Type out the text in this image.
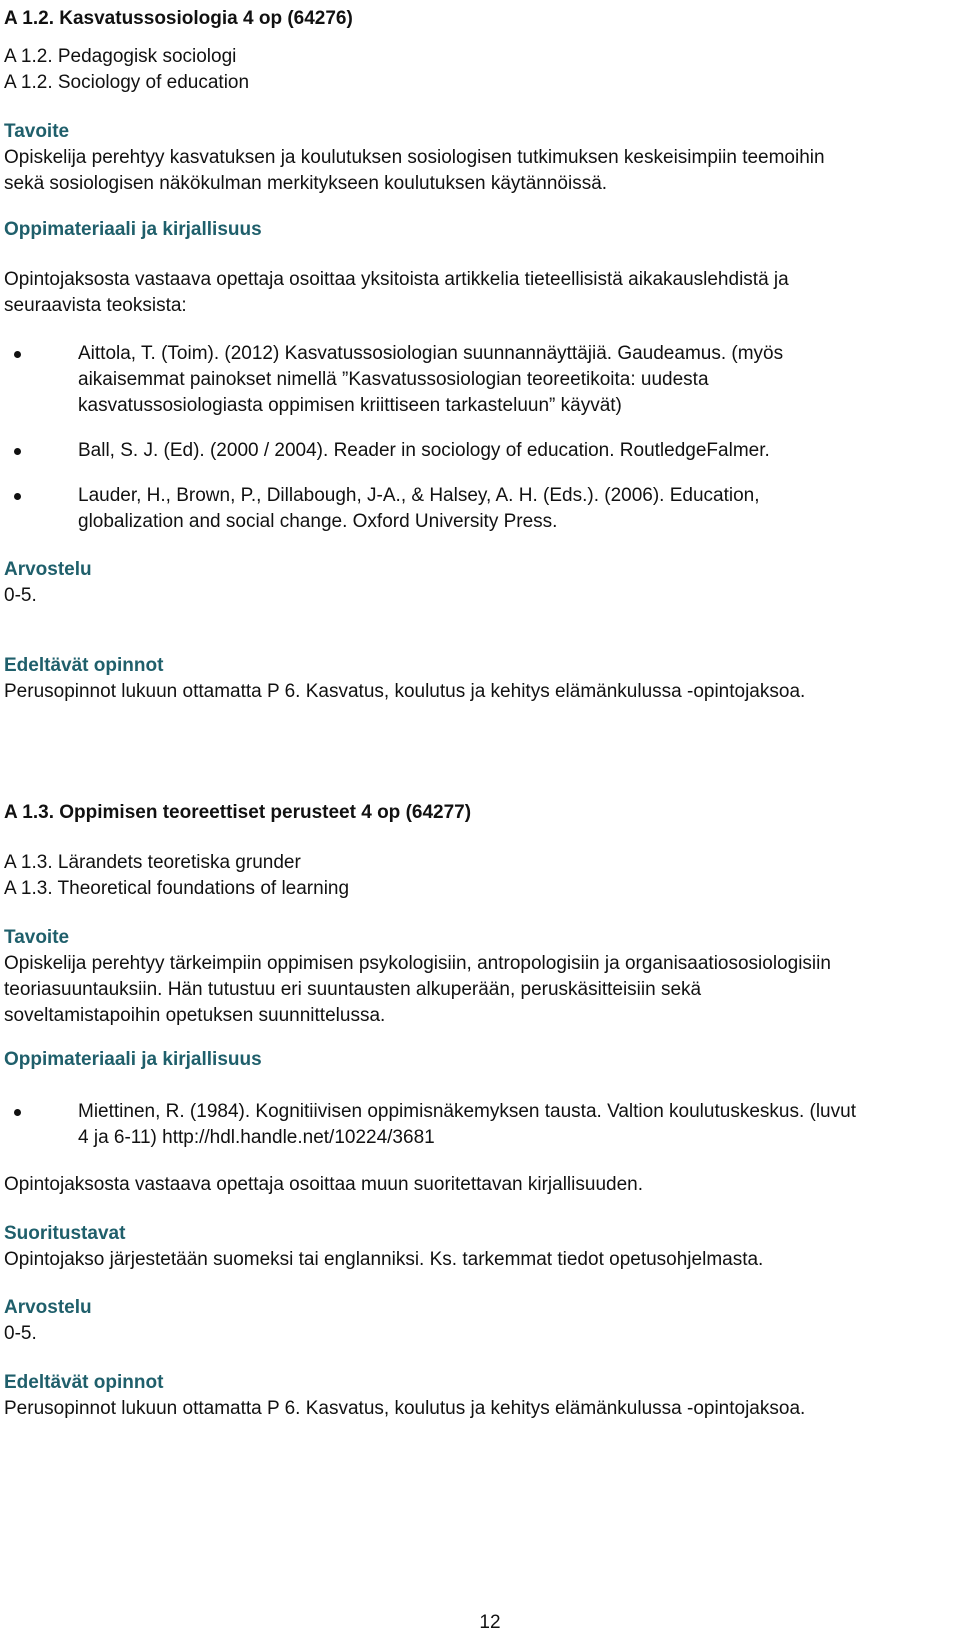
A 1.2. Kasvatussosiologia 4 op (64276)
A 1.2. Pedagogisk sociologi
A 1.2. Sociology of education
Tavoite
Opiskelija perehtyy kasvatuksen ja koulutuksen sosiologisen tutkimuksen keskeisimpiin teemoihin
sekä sosiologisen näkökulman merkitykseen koulutuksen käytännöissä.
Oppimateriaali ja kirjallisuus
Opintojaksosta vastaava opettaja osoittaa yksitoista artikkelia tieteellisistä aikakauslehdistä ja
seuraavista teoksista:
Aittola, T. (Toim). (2012) Kasvatussosiologian suunnannäyttäjiä. Gaudeamus. (myös
aikaisemmat painokset nimellä ”Kasvatussosiologian teoreetikoita: uudesta
kasvatussosiologiasta oppimisen kriittiseen tarkasteluun” käyvät)
Ball, S. J. (Ed). (2000 / 2004). Reader in sociology of education. RoutledgeFalmer.
Lauder, H., Brown, P., Dillabough, J-A., & Halsey, A. H. (Eds.). (2006). Education,
globalization and social change. Oxford University Press.
Arvostelu
0-5.
Edeltävät opinnot
Perusopinnot lukuun ottamatta P 6. Kasvatus, koulutus ja kehitys elämänkulussa -opintojaksoa.
A 1.3. Oppimisen teoreettiset perusteet 4 op (64277)
A 1.3. Lärandets teoretiska grunder
A 1.3. Theoretical foundations of learning
Tavoite
Opiskelija perehtyy tärkeimpiin oppimisen psykologisiin, antropologisiin ja organisaatiososiologisiin
teoriasuuntauksiin. Hän tutustuu eri suuntausten alkuperään, peruskäsitteisiin sekä
soveltamistapoihin opetuksen suunnittelussa.
Oppimateriaali ja kirjallisuus
Miettinen, R. (1984). Kognitiivisen oppimisnäkemyksen tausta. Valtion koulutuskeskus. (luvut
4 ja 6-11) http://hdl.handle.net/10224/3681
Opintojaksosta vastaava opettaja osoittaa muun suoritettavan kirjallisuuden.
Suoritustavat
Opintojakso järjestetään suomeksi tai englanniksi. Ks. tarkemmat tiedot opetusohjelmasta.
Arvostelu
0-5.
Edeltävät opinnot
Perusopinnot lukuun ottamatta P 6. Kasvatus, koulutus ja kehitys elämänkulussa -opintojaksoa.
12
